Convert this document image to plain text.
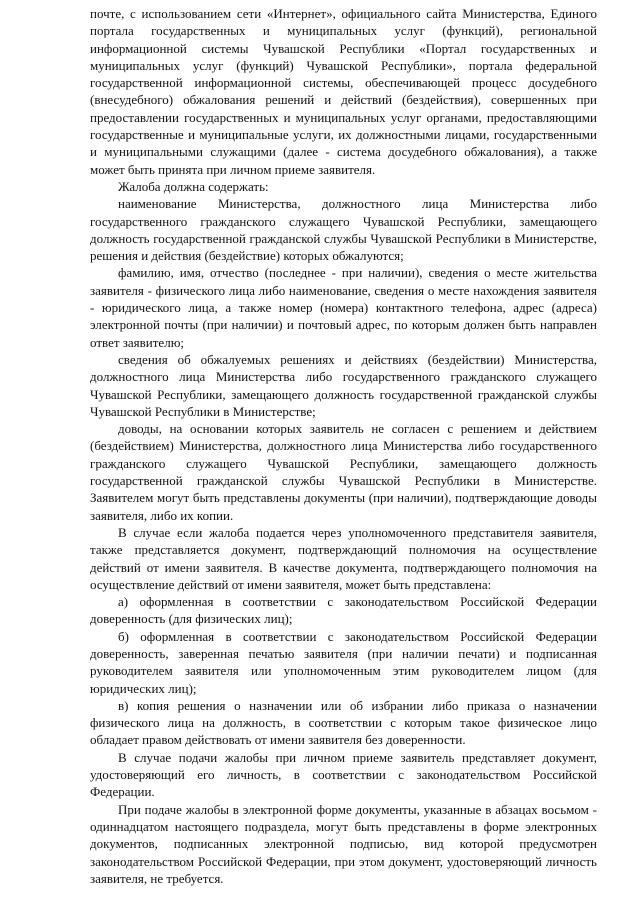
почте, с использованием сети «Интернет», официального сайта Министерства, Единого портала государственных и муниципальных услуг (функций), региональной информационной системы Чувашской Республики «Портал государственных и муниципальных услуг (функций) Чувашской Республики», портала федеральной государственной информационной системы, обеспечивающей процесс досудебного (внесудебного) обжалования решений и действий (бездействия), совершенных при предоставлении государственных и муниципальных услуг органами, предоставляющими государственные и муниципальные услуги, их должностными лицами, государственными и муниципальными служащими (далее - система досудебного обжалования), а также может быть принята при личном приеме заявителя.

Жалоба должна содержать:

наименование Министерства, должностного лица Министерства либо государственного гражданского служащего Чувашской Республики, замещающего должность государственной гражданской службы Чувашской Республики в Министерстве, решения и действия (бездействие) которых обжалуются;

фамилию, имя, отчество (последнее - при наличии), сведения о месте жительства заявителя - физического лица либо наименование, сведения о месте нахождения заявителя - юридического лица, а также номер (номера) контактного телефона, адрес (адреса) электронной почты (при наличии) и почтовый адрес, по которым должен быть направлен ответ заявителю;

сведения об обжалуемых решениях и действиях (бездействии) Министерства, должностного лица Министерства либо государственного гражданского служащего Чувашской Республики, замещающего должность государственной гражданской службы Чувашской Республики в Министерстве;

доводы, на основании которых заявитель не согласен с решением и действием (бездействием) Министерства, должностного лица Министерства либо государственного гражданского служащего Чувашской Республики, замещающего должность государственной гражданской службы Чувашской Республики в Министерстве. Заявителем могут быть представлены документы (при наличии), подтверждающие доводы заявителя, либо их копии.

В случае если жалоба подается через уполномоченного представителя заявителя, также представляется документ, подтверждающий полномочия на осуществление действий от имени заявителя. В качестве документа, подтверждающего полномочия на осуществление действий от имени заявителя, может быть представлена:

а) оформленная в соответствии с законодательством Российской Федерации доверенность (для физических лиц);

б) оформленная в соответствии с законодательством Российской Федерации доверенность, заверенная печатью заявителя (при наличии печати) и подписанная руководителем заявителя или уполномоченным этим руководителем лицом (для юридических лиц);

в) копия решения о назначении или об избрании либо приказа о назначении физического лица на должность, в соответствии с которым такое физическое лицо обладает правом действовать от имени заявителя без доверенности.

В случае подачи жалобы при личном приеме заявитель представляет документ, удостоверяющий его личность, в соответствии с законодательством Российской Федерации.

При подаче жалобы в электронной форме документы, указанные в абзацах восьмом - одиннадцатом настоящего подраздела, могут быть представлены в форме электронных документов, подписанных электронной подписью, вид которой предусмотрен законодательством Российской Федерации, при этом документ, удостоверяющий личность заявителя, не требуется.
